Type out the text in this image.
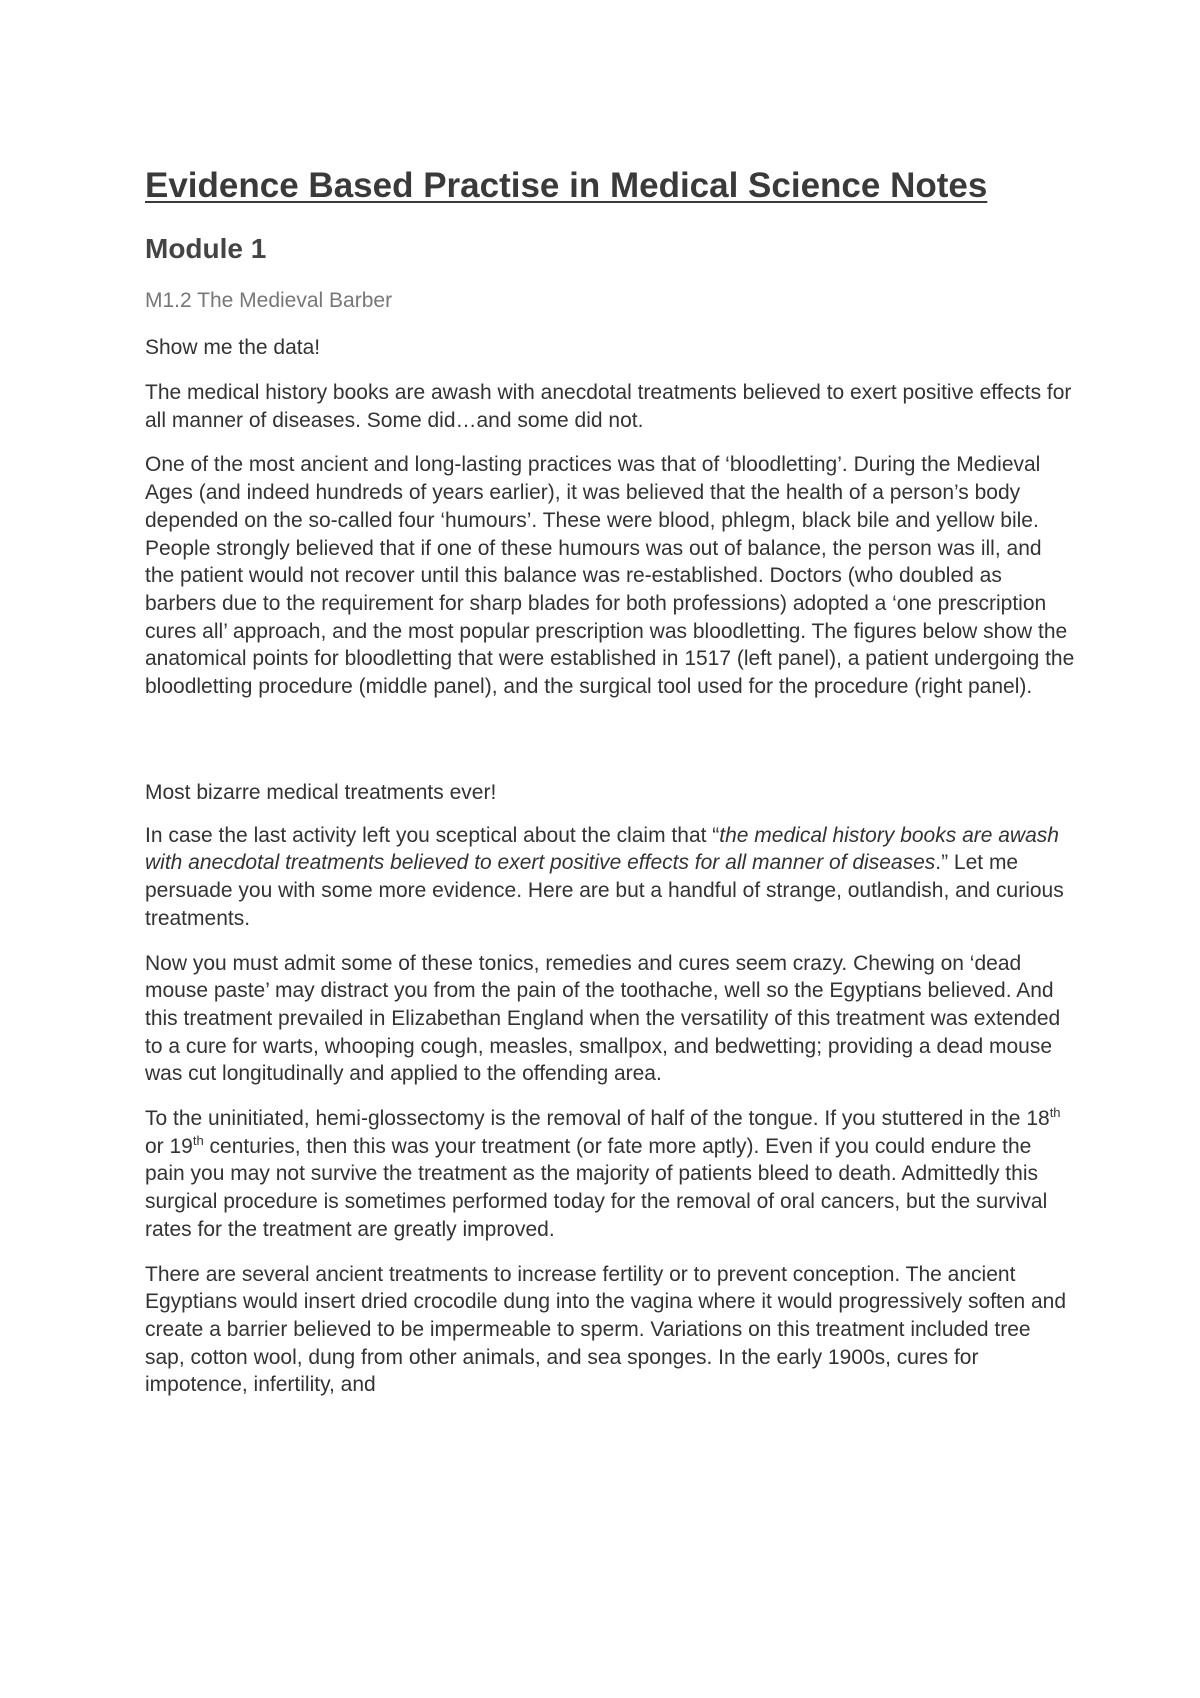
Evidence Based Practise in Medical Science Notes
Module 1
M1.2 The Medieval Barber
Show me the data!

The medical history books are awash with anecdotal treatments believed to exert positive effects for all manner of diseases. Some did…and some did not.

One of the most ancient and long-lasting practices was that of ‘bloodletting’. During the Medieval Ages (and indeed hundreds of years earlier), it was believed that the health of a person’s body depended on the so-called four ‘humours’. These were blood, phlegm, black bile and yellow bile. People strongly believed that if one of these humours was out of balance, the person was ill, and the patient would not recover until this balance was re-established. Doctors (who doubled as barbers due to the requirement for sharp blades for both professions) adopted a ‘one prescription cures all’ approach, and the most popular prescription was bloodletting. The figures below show the anatomical points for bloodletting that were established in 1517 (left panel), a patient undergoing the bloodletting procedure (middle panel), and the surgical tool used for the procedure (right panel).

Most bizarre medical treatments ever!

In case the last activity left you sceptical about the claim that “the medical history books are awash with anecdotal treatments believed to exert positive effects for all manner of diseases.” Let me persuade you with some more evidence. Here are but a handful of strange, outlandish, and curious treatments.

Now you must admit some of these tonics, remedies and cures seem crazy. Chewing on ‘dead mouse paste’ may distract you from the pain of the toothache, well so the Egyptians believed. And this treatment prevailed in Elizabethan England when the versatility of this treatment was extended to a cure for warts, whooping cough, measles, smallpox, and bedwetting; providing a dead mouse was cut longitudinally and applied to the offending area.

To the uninitiated, hemi-glossectomy is the removal of half of the tongue. If you stuttered in the 18th or 19th centuries, then this was your treatment (or fate more aptly). Even if you could endure the pain you may not survive the treatment as the majority of patients bleed to death. Admittedly this surgical procedure is sometimes performed today for the removal of oral cancers, but the survival rates for the treatment are greatly improved.

There are several ancient treatments to increase fertility or to prevent conception. The ancient Egyptians would insert dried crocodile dung into the vagina where it would progressively soften and create a barrier believed to be impermeable to sperm. Variations on this treatment included tree sap, cotton wool, dung from other animals, and sea sponges. In the early 1900s, cures for impotence, infertility, and
